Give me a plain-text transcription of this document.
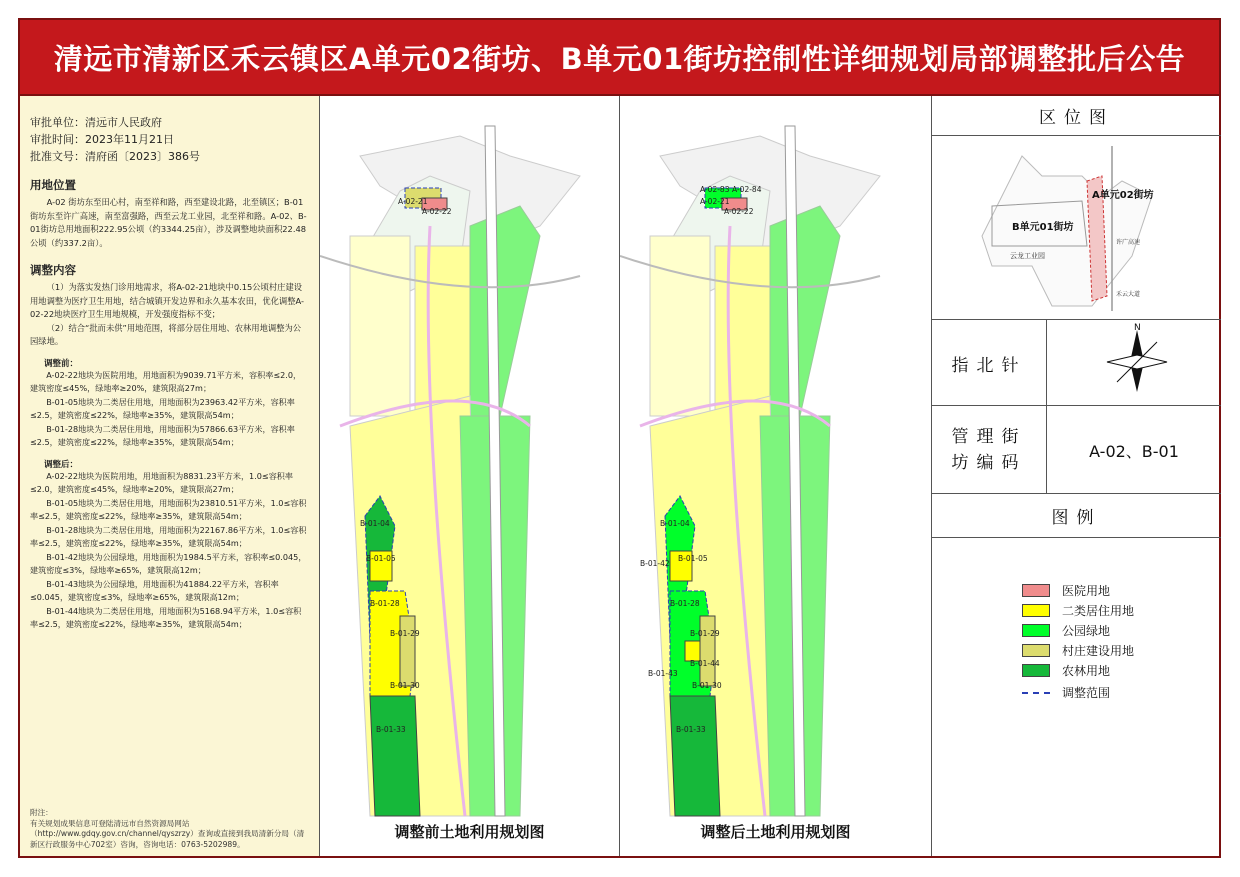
清远市清新区禾云镇区A单元02街坊、B单元01街坊控制性详细规划局部调整批后公告
审批单位：清远市人民政府
审批时间：2023年11月21日
批准文号：清府函〔2023〕386号
用地位置
A-02 街坊东至田心村，南至祥和路，西至建设北路，北至镇区；B-01 街坊东至许广高速，南至富强路，西至云龙工业园，北至祥和路。A-02、B-01街坊总用地面积222.95公顷（约3344.25亩），涉及调整地块面积22.48公顷（约337.2亩）。
调整内容
（1）为落实发热门诊用地需求，将A-02-21地块中0.15公顷村庄建设用地调整为医疗卫生用地，结合城镇开发边界和永久基本农田，优化调整A-02-22地块医疗卫生用地规模，开发强度指标不变；
（2）结合“批而未供”用地范围，将部分居住用地、农林用地调整为公园绿地。
调整前：
A-02-22地块为医院用地，用地面积为9039.71平方米，容积率≤2.0，建筑密度≤45%，绿地率≥20%，建筑限高27m；
B-01-05地块为二类居住用地，用地面积为23963.42平方米，容积率≤2.5，建筑密度≤22%，绿地率≥35%，建筑限高54m；
B-01-28地块为二类居住用地，用地面积为57866.63平方米，容积率≤2.5，建筑密度≤22%，绿地率≥35%，建筑限高54m；
调整后：
A-02-22地块为医院用地，用地面积为8831.23平方米，1.0≤容积率≤2.0，建筑密度≤45%，绿地率≥20%，建筑限高27m；
B-01-05地块为二类居住用地，用地面积为23810.51平方米，1.0≤容积率≤2.5，建筑密度≤22%，绿地率≥35%，建筑限高54m；
B-01-28地块为二类居住用地，用地面积为22167.86平方米，1.0≤容积率≤2.5，建筑密度≤22%，绿地率≥35%，建筑限高54m；
B-01-42地块为公园绿地，用地面积为1984.5平方米，容积率≤0.045，建筑密度≤3%，绿地率≥65%，建筑限高12m；
B-01-43地块为公园绿地，用地面积为41884.22平方米，容积率≤0.045，建筑密度≤3%，绿地率≥65%，建筑限高12m；
B-01-44地块为二类居住用地，用地面积为5168.94平方米，1.0≤容积率≤2.5，建筑密度≤22%，绿地率≥35%，建筑限高54m；
附注：
有关规划成果信息可登陆清远市自然资源局网站（http://www.gdqy.gov.cn/channel/qyszrzy）查询或直接到我局清新分局（清新区行政服务中心702室）咨询，咨询电话：0763-5202989。
A-02-21
A-02-22
B-01-04
B-01-05
B-01-28
B-01-29
B-01-30
B-01-33
调整前土地利用规划图
A-02-83 A-02-84
A-02-21
A-02-22
B-01-04
B-01-42
B-01-05
B-01-28
B-01-29
B-01-44
B-01-43
B-01-30
B-01-33
调整后土地利用规划图
区位图
A单元02街坊
B单元01街坊
云龙工业园
许广高速
禾云大道
指北针
N
管理街
坊编码
A-02、B-01
图例
医院用地
二类居住用地
公园绿地
村庄建设用地
农林用地
调整范围
